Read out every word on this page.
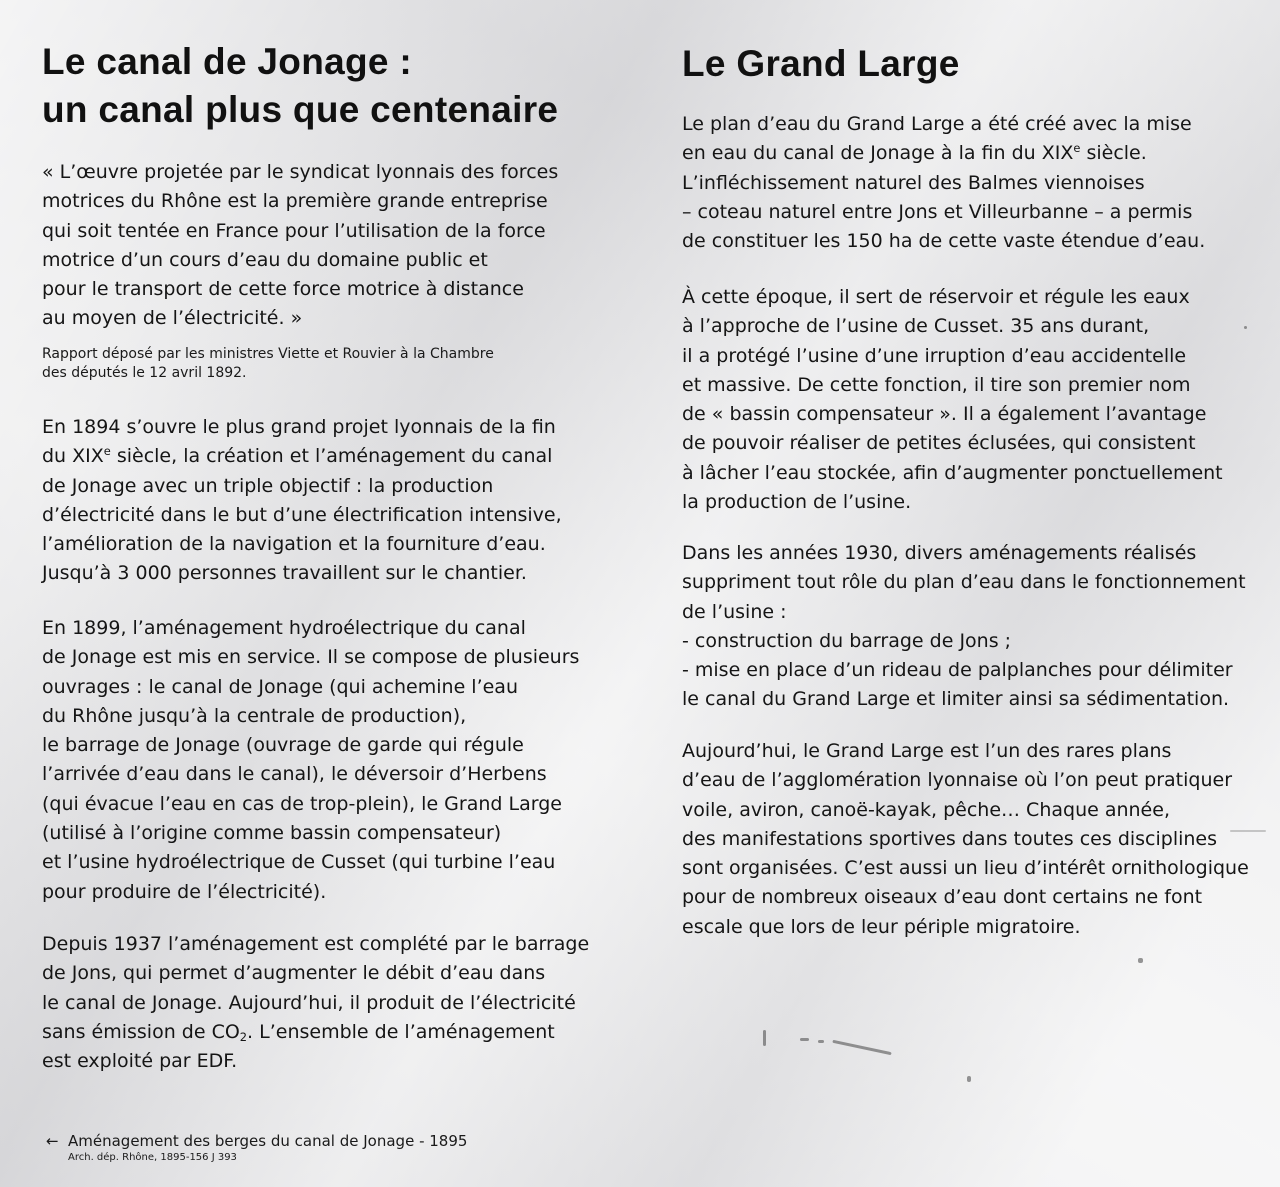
Le canal de Jonage :
un canal plus que centenaire

« L’œuvre projetée par le syndicat lyonnais des forces
motrices du Rhône est la première grande entreprise
qui soit tentée en France pour l’utilisation de la force
motrice d’un cours d’eau du domaine public et
pour le transport de cette force motrice à distance
au moyen de l’électricité. »

Rapport déposé par les ministres Viette et Rouvier à la Chambre
des députés le 12 avril 1892.

En 1894 s’ouvre le plus grand projet lyonnais de la fin
du XIXe siècle, la création et l’aménagement du canal
de Jonage avec un triple objectif : la production
d’électricité dans le but d’une électrification intensive,
l’amélioration de la navigation et la fourniture d’eau.
Jusqu’à 3 000 personnes travaillent sur le chantier.

En 1899, l’aménagement hydroélectrique du canal
de Jonage est mis en service. Il se compose de plusieurs
ouvrages : le canal de Jonage (qui achemine l’eau
du Rhône jusqu’à la centrale de production),
le barrage de Jonage (ouvrage de garde qui régule
l’arrivée d’eau dans le canal), le déversoir d’Herbens
(qui évacue l’eau en cas de trop-plein), le Grand Large
(utilisé à l’origine comme bassin compensateur)
et l’usine hydroélectrique de Cusset (qui turbine l’eau
pour produire de l’électricité).

Depuis 1937 l’aménagement est complété par le barrage
de Jons, qui permet d’augmenter le débit d’eau dans
le canal de Jonage. Aujourd’hui, il produit de l’électricité
sans émission de $CO_2$. L’ensemble de l’aménagement
est exploité par EDF.

← Aménagement des berges du canal de Jonage - 1895
Arch. dép. Rhône, 1895-156 J 393
Le Grand Large

Le plan d’eau du Grand Large a été créé avec la mise
en eau du canal de Jonage à la fin du XIXe siècle.
L’infléchissement naturel des Balmes viennoises
– coteau naturel entre Jons et Villeurbanne – a permis
de constituer les 150 ha de cette vaste étendue d’eau.

À cette époque, il sert de réservoir et régule les eaux
à l’approche de l’usine de Cusset. 35 ans durant,
il a protégé l’usine d’une irruption d’eau accidentelle
et massive. De cette fonction, il tire son premier nom
de « bassin compensateur ». Il a également l’avantage
de pouvoir réaliser de petites éclusées, qui consistent
à lâcher l’eau stockée, afin d’augmenter ponctuellement
la production de l’usine.

Dans les années 1930, divers aménagements réalisés
suppriment tout rôle du plan d’eau dans le fonctionnement
de l’usine :
- construction du barrage de Jons ;
- mise en place d’un rideau de palplanches pour délimiter
le canal du Grand Large et limiter ainsi sa sédimentation.

Aujourd’hui, le Grand Large est l’un des rares plans
d’eau de l’agglomération lyonnaise où l’on peut pratiquer
voile, aviron, canoë-kayak, pêche… Chaque année,
des manifestations sportives dans toutes ces disciplines
sont organisées. C’est aussi un lieu d’intérêt ornithologique
pour de nombreux oiseaux d’eau dont certains ne font
escale que lors de leur périple migratoire.
